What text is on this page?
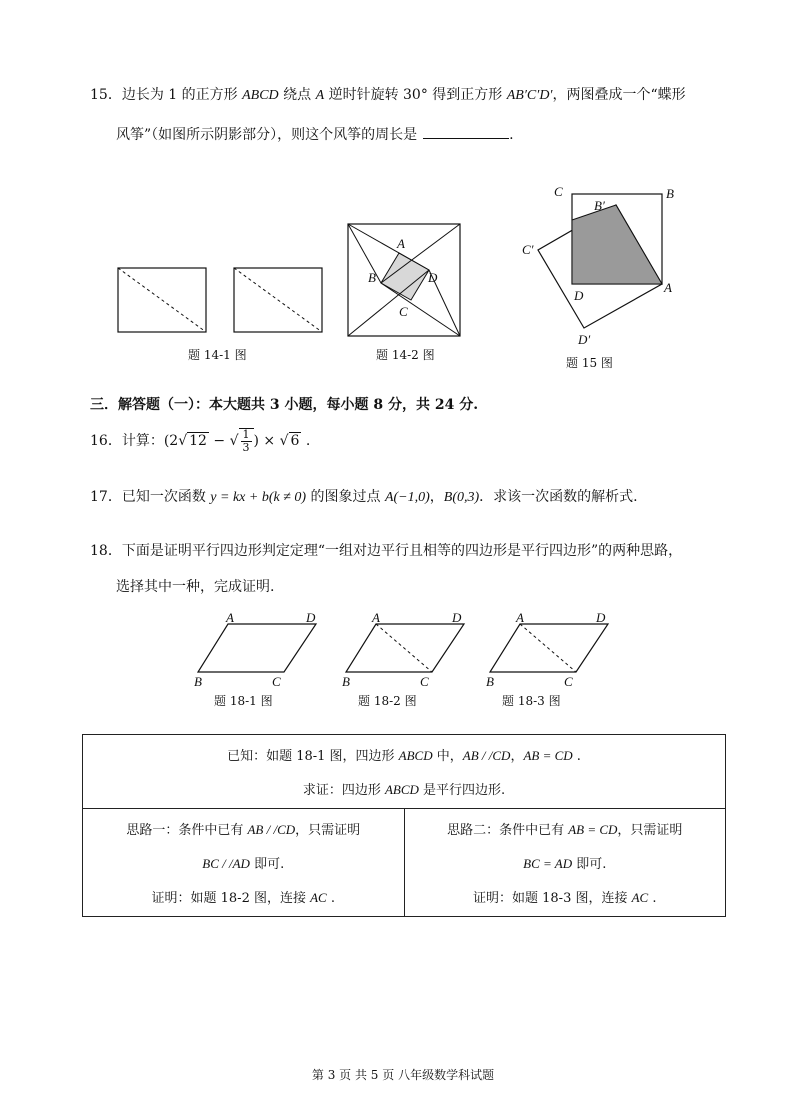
15．边长为 1 的正方形 ABCD 绕点 A 逆时针旋转 30° 得到正方形 AB′C′D′，两图叠成一个“蝶形
风筝”（如图所示阴影部分），则这个风筝的周长是	.
题 14-1 图
A
B
C
D
题 14-2 图
C	B
B′
C′
D
A
D′
题 15 图
三．解答题（一）：本大题共 3 小题，每小题 8 分，共 24 分.
16．计算：(2√ 12 − √ $\frac{1}{3}$ ) × √ 6 .
17．已知一次函数 y = kx + b(k ≠ 0) 的图象过点 A(−1,0)，B(0,3)．求该一次函数的解析式.
18．下面是证明平行四边形判定定理“一组对边平行且相等的四边形是平行四边形”的两种思路，
选择其中一种，完成证明.
A	D
B	C
题 18-1 图
A	D
B	C
题 18-2 图
A	D
B	C
题 18-3 图
已知：如题 18-1 图，四边形 ABCD 中，AB / /CD，AB = CD .
求证：四边形 ABCD 是平行四边形.

思路一：条件中已有 AB / /CD，只需证明
BC / /AD 即可.
证明：如题 18-2 图，连接 AC .

思路二：条件中已有 AB = CD，只需证明
BC = AD 即可.
证明：如题 18-3 图，连接 AC .
第 3 页 共 5 页 八年级数学科试题
